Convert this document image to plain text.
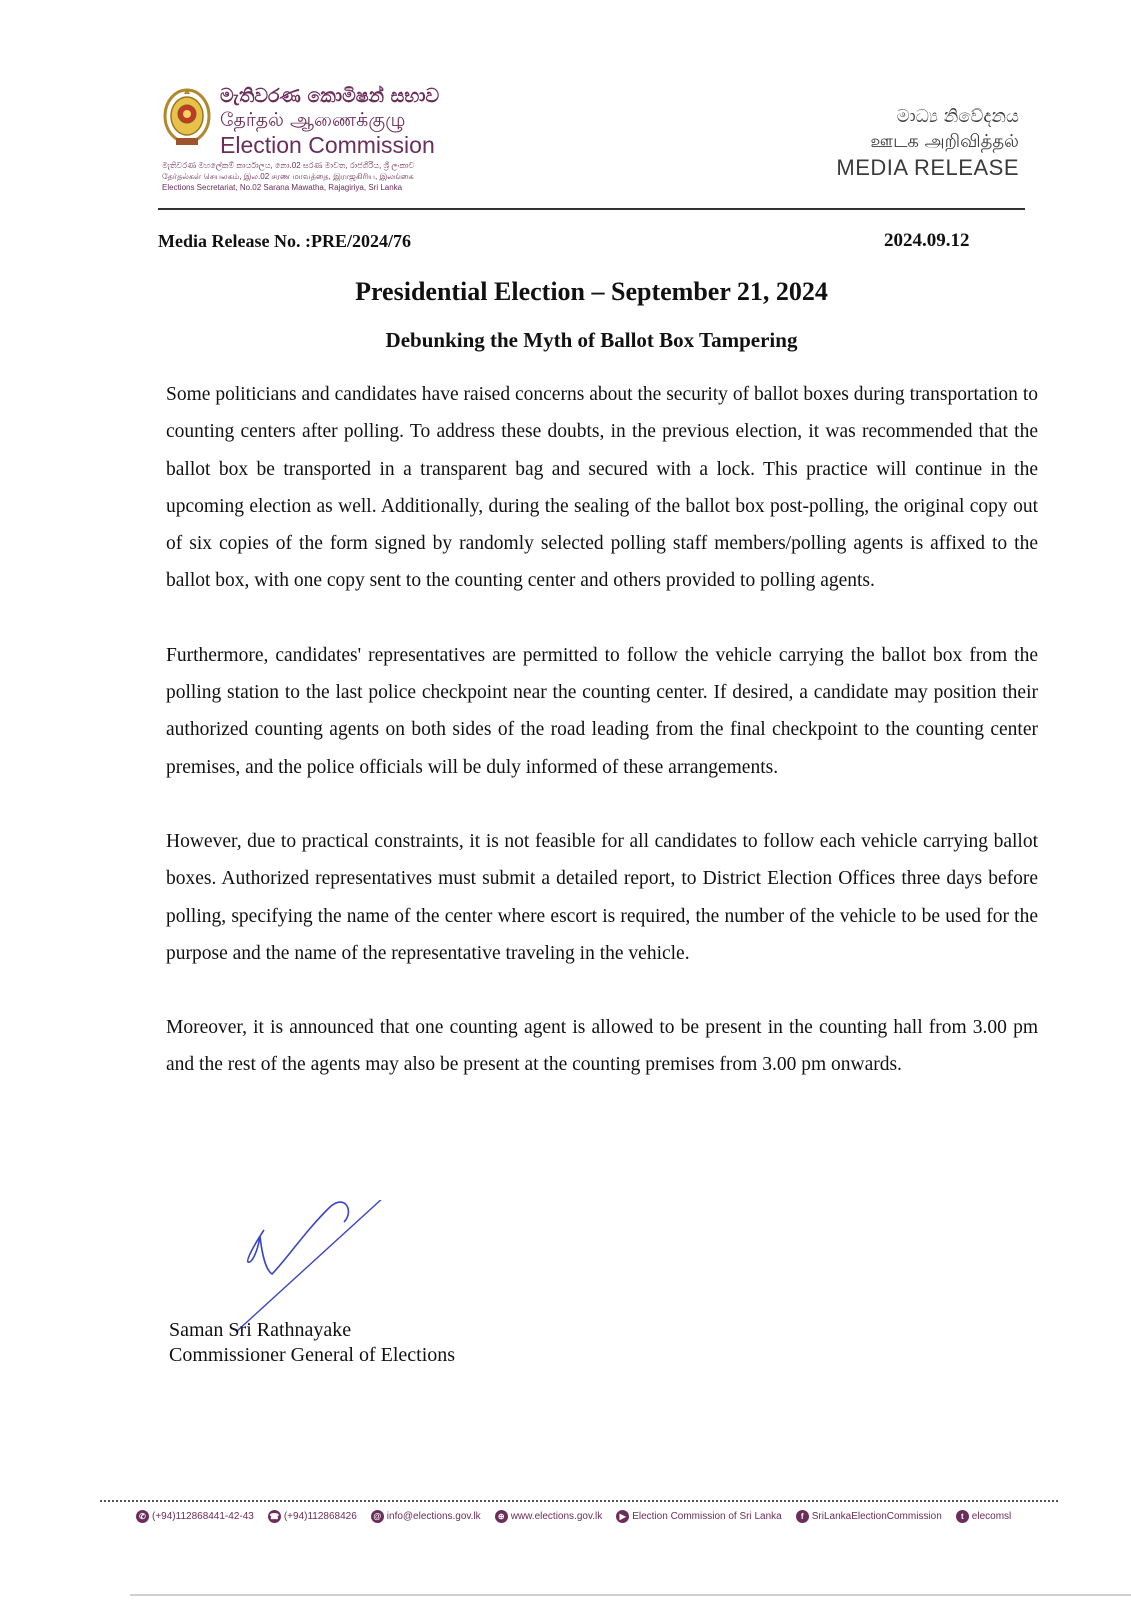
මැතිවරණ කොමිෂන් සභාව
தேர்தல் ஆணைக்குழு
Election Commission
මැතිවරණ මහලේකම් කාර්යාලය, නො.02 සරණ මාවත, රාජගිරිය, ශ්‍රී ලංකාව
தேர்தல்கள் செயலகம், இல.02 சரண மாவத்தை, இராஜகிரிய, இலங்கை
Elections Secretariat, No.02 Sarana Mawatha, Rajagiriya, Sri Lanka
මාධ්‍ය නිවේදනය
ஊடக அறிவித்தல்
MEDIA RELEASE
Media Release No. :PRE/2024/76	2024.09.12
Presidential Election – September 21, 2024
Debunking the Myth of Ballot Box Tampering

Some politicians and candidates have raised concerns about the security of ballot boxes during transportation to counting centers after polling. To address these doubts, in the previous election, it was recommended that the ballot box be transported in a transparent bag and secured with a lock. This practice will continue in the upcoming election as well. Additionally, during the sealing of the ballot box post-polling, the original copy out of six copies of the form signed by randomly selected polling staff members/polling agents is affixed to the ballot box, with one copy sent to the counting center and others provided to polling agents.

Furthermore, candidates' representatives are permitted to follow the vehicle carrying the ballot box from the polling station to the last police checkpoint near the counting center. If desired, a candidate may position their authorized counting agents on both sides of the road leading from the final checkpoint to the counting center premises, and the police officials will be duly informed of these arrangements.

However, due to practical constraints, it is not feasible for all candidates to follow each vehicle carrying ballot boxes. Authorized representatives must submit a detailed report, to District Election Offices three days before polling, specifying the name of the center where escort is required, the number of the vehicle to be used for the purpose and the name of the representative traveling in the vehicle.

Moreover, it is announced that one counting agent is allowed to be present in the counting hall from 3.00 pm and the rest of the agents may also be present at the counting premises from 3.00 pm onwards.

Saman Sri Rathnayake
Commissioner General of Elections
✆ (+94)112868441-42-43 ☎ (+94)112868426	@ info@elections.gov.lk	⊕ www.elections.gov.lk	▶ Election Commission of Sri Lanka	f SriLankaElectionCommission	t elecomsl
